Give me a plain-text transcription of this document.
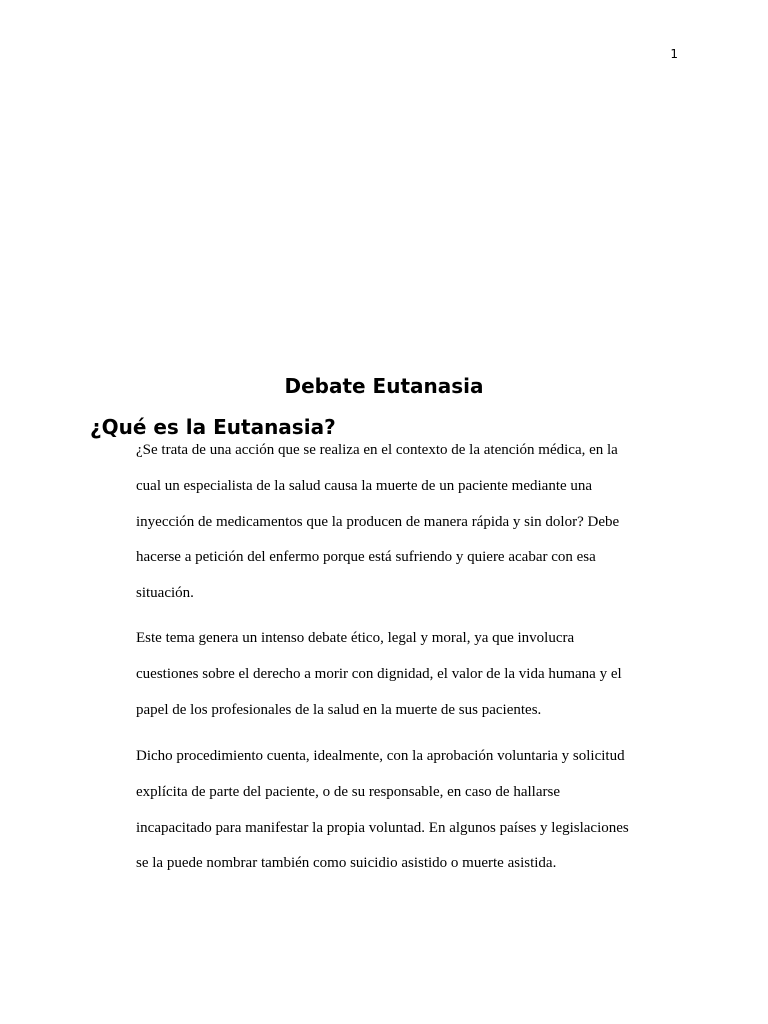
1
Debate Eutanasia
¿Qué es la Eutanasia?

¿Se trata de una acción que se realiza en el contexto de la atención médica, en la
cual un especialista de la salud causa la muerte de un paciente mediante una
inyección de medicamentos que la producen de manera rápida y sin dolor? Debe
hacerse a petición del enfermo porque está sufriendo y quiere acabar con esa
situación.

Este tema genera un intenso debate ético, legal y moral, ya que involucra
cuestiones sobre el derecho a morir con dignidad, el valor de la vida humana y el
papel de los profesionales de la salud en la muerte de sus pacientes.

Dicho procedimiento cuenta, idealmente, con la aprobación voluntaria y solicitud
explícita de parte del paciente, o de su responsable, en caso de hallarse
incapacitado para manifestar la propia voluntad. En algunos países y legislaciones
se la puede nombrar también como suicidio asistido o muerte asistida.
